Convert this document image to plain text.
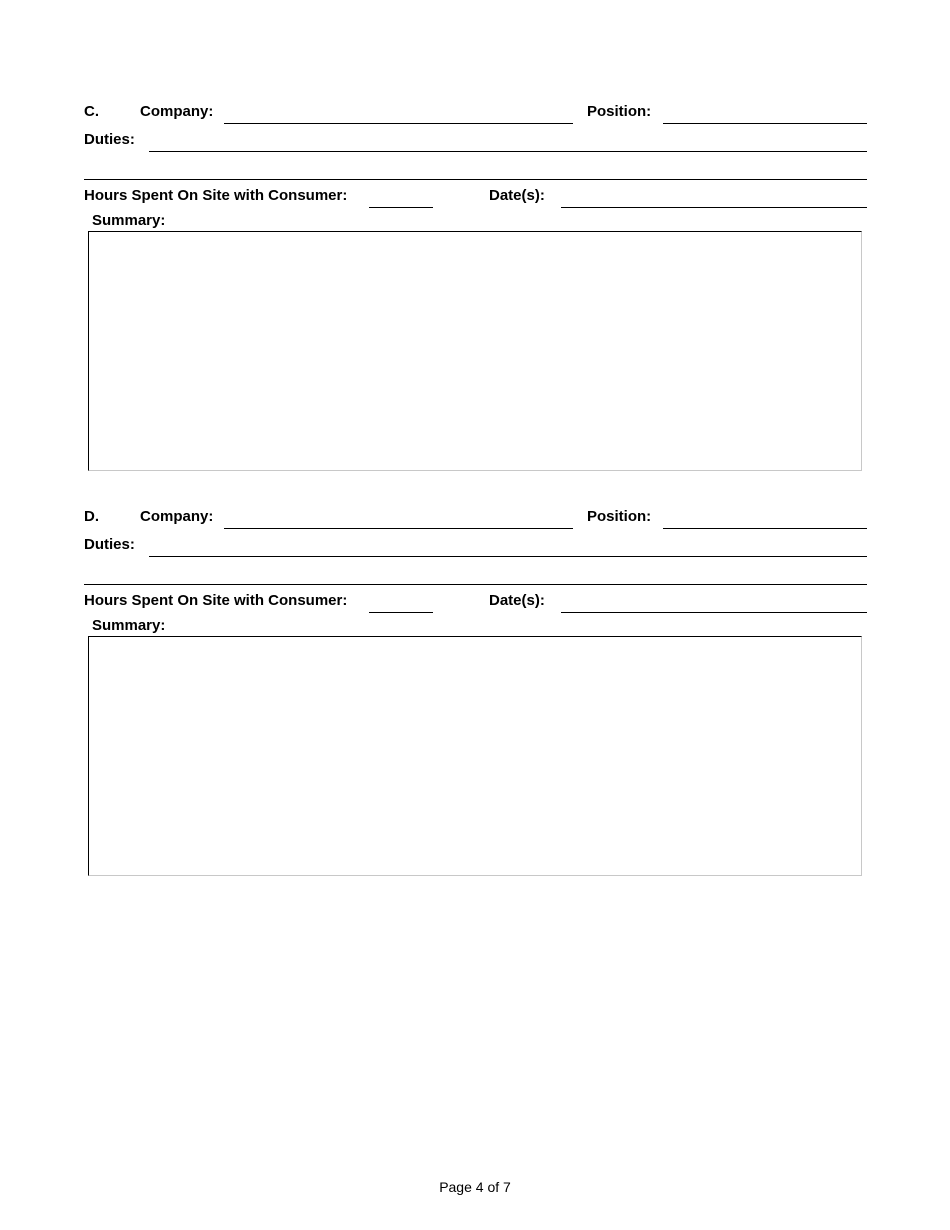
C.	Company:	Position:
Duties:
Hours Spent On Site with Consumer:	Date(s):
Summary:
D.	Company:	Position:
Duties:
Hours Spent On Site with Consumer:	Date(s):
Summary:
Page 4 of 7
